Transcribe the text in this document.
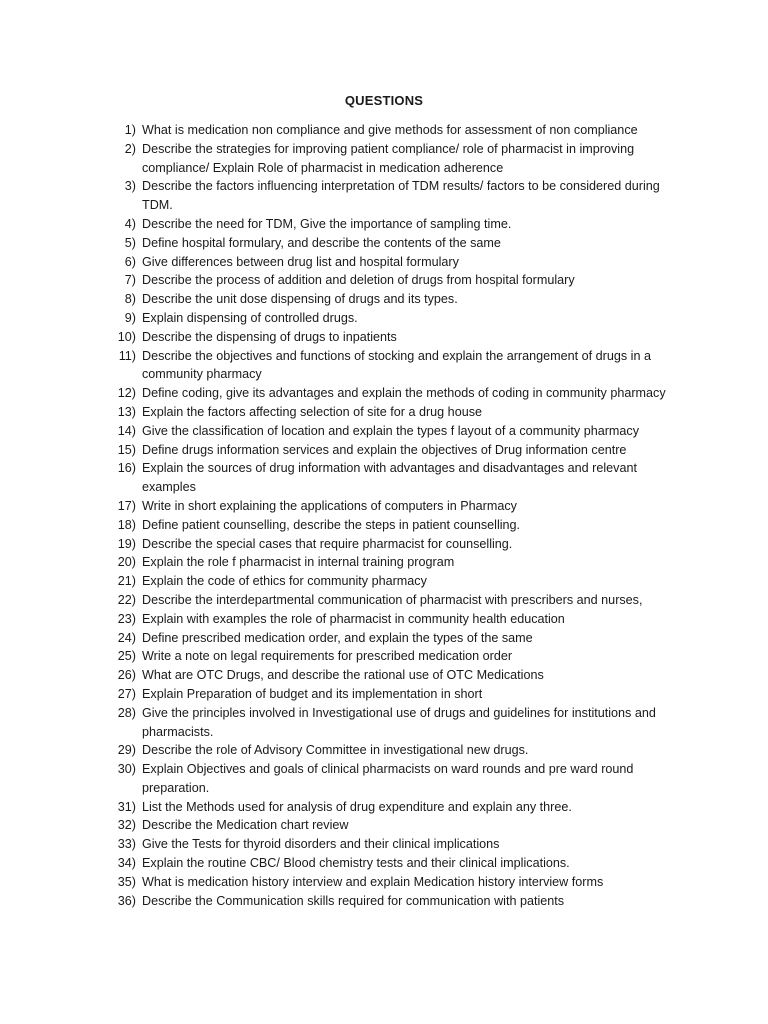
QUESTIONS
1) What is medication non compliance and give methods for assessment of non compliance
2) Describe the strategies for improving patient compliance/ role of pharmacist in improving compliance/ Explain Role of pharmacist in medication adherence
3) Describe the factors influencing interpretation of TDM results/ factors to be considered during TDM.
4) Describe the need for TDM, Give the importance of sampling time.
5) Define hospital formulary, and describe the contents of the same
6) Give differences between drug list and hospital formulary
7) Describe the process of addition and deletion of drugs from hospital formulary
8) Describe the unit dose dispensing of drugs and its types.
9) Explain dispensing of controlled drugs.
10) Describe the dispensing of drugs to inpatients
11) Describe the objectives and functions of stocking and explain the arrangement of drugs in a community pharmacy
12) Define coding, give its advantages and explain the methods of coding in community pharmacy
13) Explain the factors affecting selection of site for a drug house
14) Give the classification of location and explain the types f layout of a community pharmacy
15) Define drugs information services and explain the objectives of Drug information centre
16) Explain the sources of drug information with advantages and disadvantages and relevant examples
17) Write in short explaining the applications of computers in Pharmacy
18) Define patient counselling, describe the steps in patient counselling.
19) Describe the special cases that require pharmacist for counselling.
20) Explain the role f pharmacist in internal training program
21) Explain the code of ethics for community pharmacy
22) Describe the interdepartmental communication of pharmacist with prescribers and nurses,
23) Explain with examples the role of pharmacist in community health education
24) Define prescribed medication order, and explain the types of the same
25) Write a note on legal requirements for prescribed medication order
26) What are OTC Drugs, and describe the rational use of OTC Medications
27) Explain Preparation of budget and its implementation in short
28) Give the principles involved in Investigational use of drugs and guidelines for institutions and pharmacists.
29) Describe the role of Advisory Committee in investigational new drugs.
30) Explain Objectives and goals of clinical pharmacists on ward rounds and pre ward round preparation.
31) List the Methods used for analysis of drug expenditure and explain any three.
32) Describe the Medication chart review
33) Give the Tests for thyroid disorders and their clinical implications
34) Explain the routine CBC/ Blood chemistry tests and their clinical implications.
35) What is medication history interview and explain Medication history interview forms
36) Describe the Communication skills required for communication with patients
